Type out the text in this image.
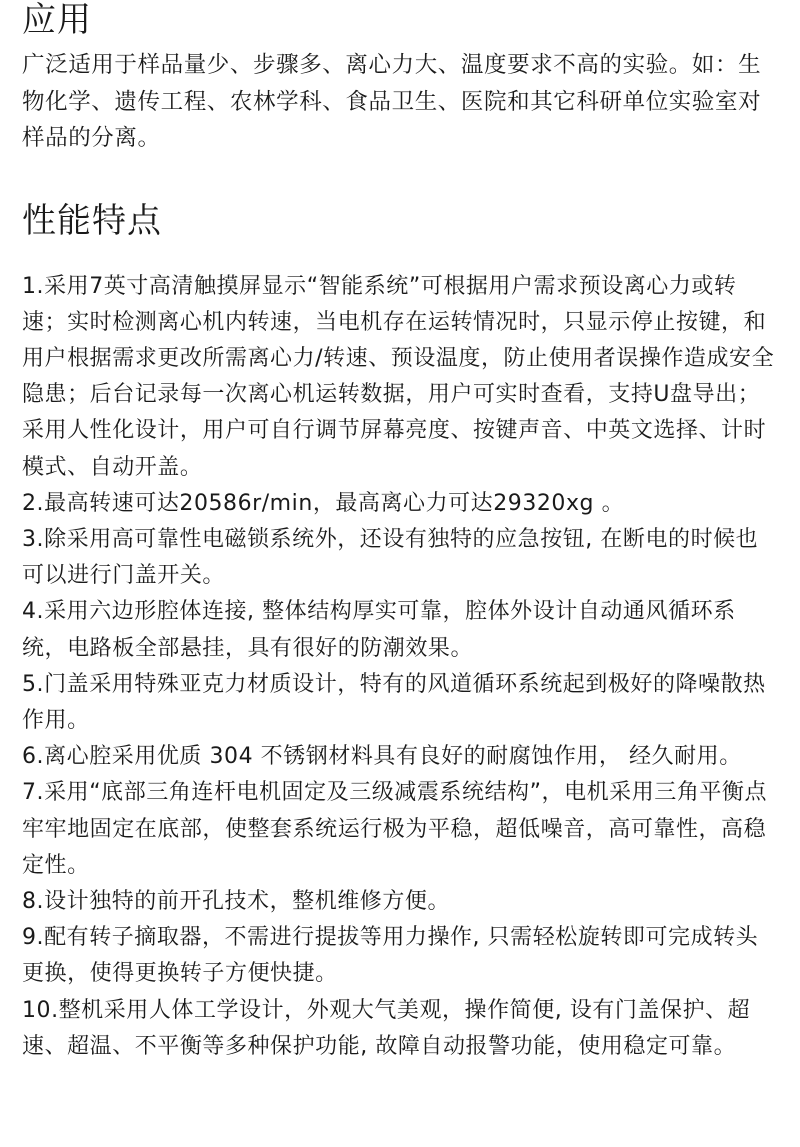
应用

广泛适用于样品量少、步骤多、离心力大、温度要求不高的实验。如：生物化学、遗传工程、农林学科、食品卫生、医院和其它科研单位实验室对样品的分离。

性能特点
1.采用7英寸高清触摸屏显示“智能系统”可根据用户需求预设离心力或转速；实时检测离心机内转速，当电机存在运转情况时，只显示停止按键，和用户根据需求更改所需离心力/转速、预设温度，防止使用者误操作造成安全隐患；后台记录每一次离心机运转数据，用户可实时查看，支持U盘导出；采用人性化设计，用户可自行调节屏幕亮度、按键声音、中英文选择、计时模式、自动开盖。
2.最高转速可达20586r/min，最高离心力可达29320xg 。
3.除采用高可靠性电磁锁系统外，还设有独特的应急按钮, 在断电的时候也可以进行门盖开关。
4.采用六边形腔体连接, 整体结构厚实可靠，腔体外设计自动通风循环系统，电路板全部悬挂，具有很好的防潮效果。
5.门盖采用特殊亚克力材质设计，特有的风道循环系统起到极好的降噪散热作用。
6.离心腔采用优质 304 不锈钢材料具有良好的耐腐蚀作用， 经久耐用。
7.采用“底部三角连杆电机固定及三级减震系统结构”，电机采用三角平衡点牢牢地固定在底部，使整套系统运行极为平稳，超低噪音，高可靠性，高稳定性。
8.设计独特的前开孔技术，整机维修方便。
9.配有转子摘取器，不需进行提拔等用力操作, 只需轻松旋转即可完成转头更换，使得更换转子方便快捷。
10.整机采用人体工学设计，外观大气美观，操作简便, 设有门盖保护、超速、超温、不平衡等多种保护功能, 故障自动报警功能，使用稳定可靠。
